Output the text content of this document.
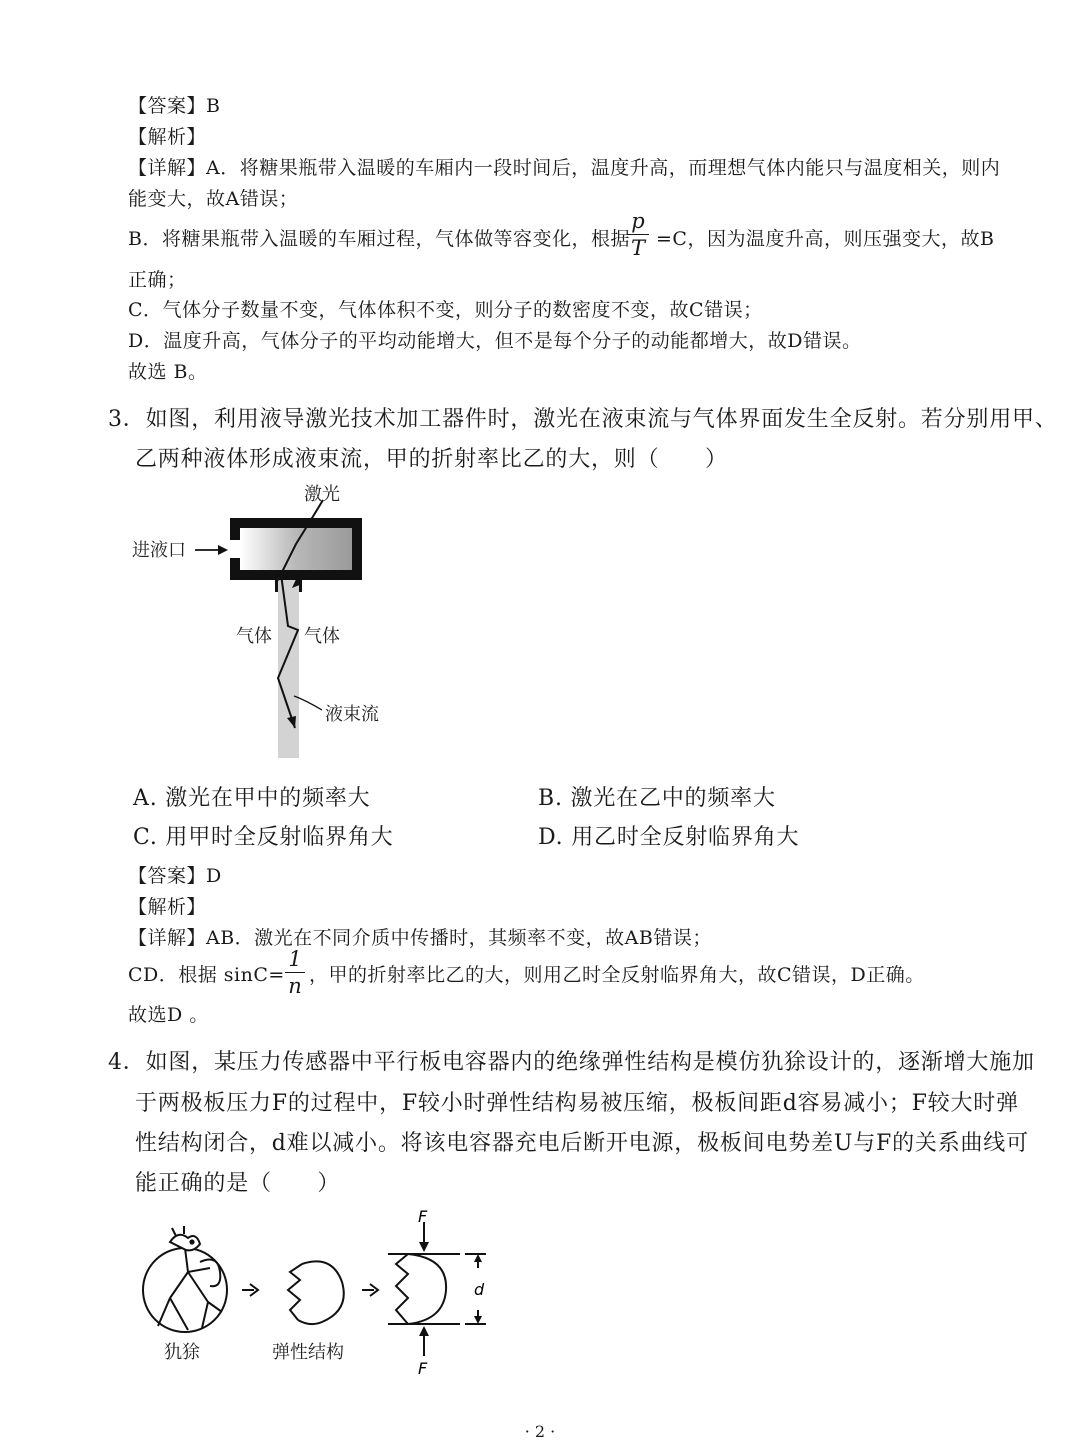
【答案】B
【解析】
【详解】A．将糖果瓶带入温暖的车厢内一段时间后，温度升高，而理想气体内能只与温度相关，则内
能变大，故A错误；
B．将糖果瓶带入温暖的车厢过程，气体做等容变化，根据
p
T =C，因为温度升高，则压强变大，故B
正确；
C．气体分子数量不变，气体体积不变，则分子的数密度不变，故C错误；
D．温度升高，气体分子的平均动能增大，但不是每个分子的动能都增大，故D错误。
故选 B。
3．如图，利用液导激光技术加工器件时，激光在液束流与气体界面发生全反射。若分别用甲、
乙两种液体形成液束流，甲的折射率比乙的大，则（　　）
激光
进液口
气体 气体
液束流
A. 激光在甲中的频率大	B. 激光在乙中的频率大
C. 用甲时全反射临界角大	D. 用乙时全反射临界角大
【答案】D
【解析】
【详解】AB．激光在不同介质中传播时，其频率不变，故AB错误；
CD．根据 sinC=
1
n ，甲的折射率比乙的大，则用乙时全反射临界角大，故C错误，D正确。
故选D 。
4．如图，某压力传感器中平行板电容器内的绝缘弹性结构是模仿犰狳设计的，逐渐增大施加
于两极板压力F的过程中，F较小时弹性结构易被压缩，极板间距d容易减小；F较大时弹
性结构闭合，d难以减小。将该电容器充电后断开电源，极板间电势差U与F的关系曲线可
能正确的是（　　）
F
F
d
犰狳	弹性结构
· 2 ·
